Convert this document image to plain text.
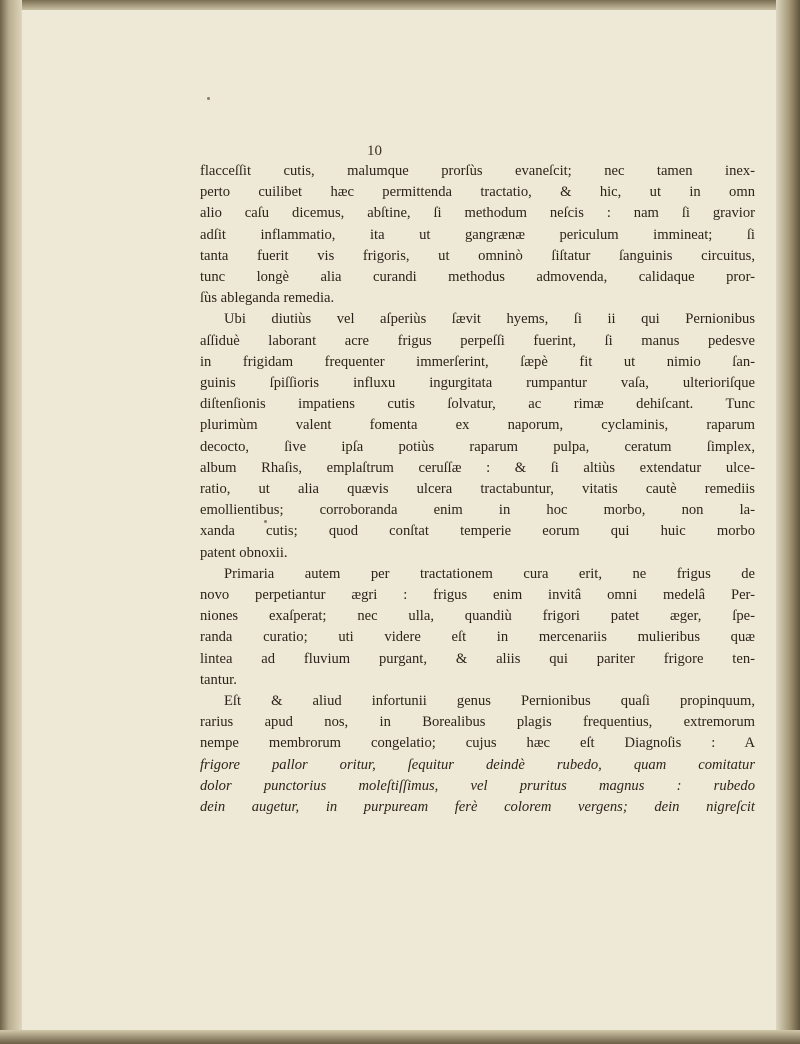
10
flacceſſit cutis, malumque prorſùs evaneſcit; nec tamen inex-
perto cuilibet hæc permittenda tractatio, & hic, ut in omn
alio caſu dicemus, abſtine, ſi methodum neſcis : nam ſi gravior
adſit inflammatio, ita ut gangrænæ periculum immineat; ſi
tanta fuerit vis frigoris, ut omninò ſiſtatur ſanguinis circuitus,
tunc longè alia curandi methodus admovenda, calidaque pror-
ſùs ableganda remedia.
Ubi diutiùs vel aſperiùs ſævit hyems, ſi ii qui Pernionibus
aſſiduè laborant acre frigus perpeſſi fuerint, ſi manus pedesve
in frigidam frequenter immerſerint, ſæpè fit ut nimio ſan-
guinis ſpiſſioris influxu ingurgitata rumpantur vaſa, ulterioriſque
diſtenſionis impatiens cutis ſolvatur, ac rimæ dehiſcant. Tunc
plurimùm valent fomenta ex naporum, cyclaminis, raparum
decocto, ſive ipſa potiùs raparum pulpa, ceratum ſimplex,
album Rhaſis, emplaſtrum ceruſſæ : & ſi altiùs extendatur ulce-
ratio, ut alia quævis ulcera tractabuntur, vitatis cautè remediis
emollientibus; corroboranda enim in hoc morbo, non la-
xanda cutis; quod conſtat temperie eorum qui huic morbo
patent obnoxii.
Primaria autem per tractationem cura erit, ne frigus de
novo perpetiantur ægri : frigus enim invitâ omni medelâ Per-
niones exaſperat; nec ulla, quandiù frigori patet æger, ſpe-
randa curatio; uti videre eſt in mercenariis mulieribus quæ
lintea ad fluvium purgant, & aliis qui pariter frigore ten-
tantur.
Eſt & aliud infortunii genus Pernionibus quaſi propinquum,
rarius apud nos, in Borealibus plagis frequentius, extremorum
nempe membrorum congelatio; cujus hæc eſt Diagnoſis : A
frigore pallor oritur, ſequitur deindè rubedo, quam comitatur
dolor punctorius moleſtiſſimus, vel pruritus magnus : rubedo
dein augetur, in purpuream ferè colorem vergens; dein nigreſcit
